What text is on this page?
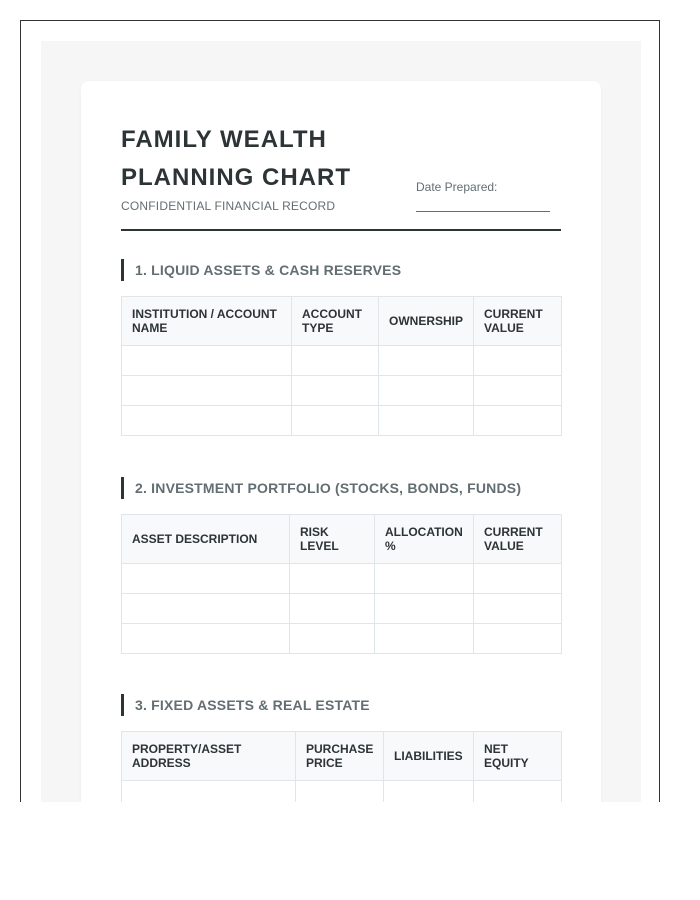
FAMILY WEALTH PLANNING CHART
CONFIDENTIAL FINANCIAL RECORD
Date Prepared:
1. LIQUID ASSETS & CASH RESERVES
INSTITUTION / ACCOUNT NAME	ACCOUNT TYPE	OWNERSHIP	CURRENT VALUE

2. INVESTMENT PORTFOLIO (STOCKS, BONDS, FUNDS)
ASSET DESCRIPTION	RISK LEVEL	ALLOCATION %	CURRENT VALUE

3. FIXED ASSETS & REAL ESTATE
PROPERTY/ASSET ADDRESS	PURCHASE PRICE	LIABILITIES	NET EQUITY
